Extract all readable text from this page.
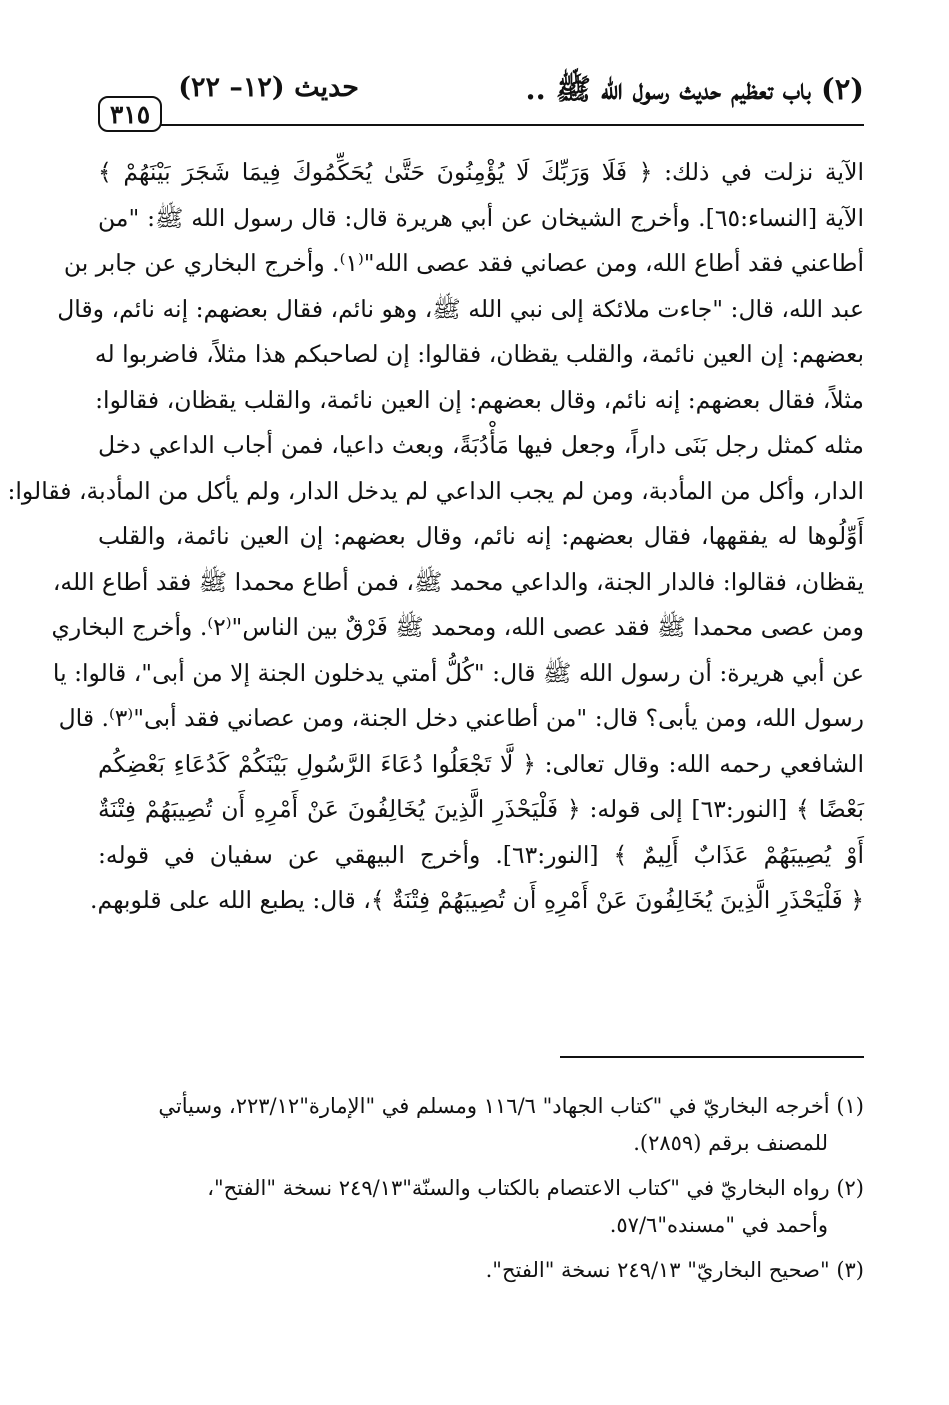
(٢) باب تعظيم حديث رسول الله ﷺ ..
حديث (١٢– ٢٢)
٣١٥
الآية نزلت في ذلك: ﴿ فَلَا وَرَبِّكَ لَا يُؤْمِنُونَ حَتَّىٰ يُحَكِّمُوكَ فِيمَا شَجَرَ بَيْنَهُمْ ﴾
الآية [النساء:٦٥]. وأخرج الشيخان عن أبي هريرة قال: قال رسول الله ﷺ: "من
أطاعني فقد أطاع الله، ومن عصاني فقد عصى الله"⁽١⁾. وأخرج البخاري عن جابر بن
عبد الله، قال: "جاءت ملائكة إلى نبي الله ﷺ، وهو نائم، فقال بعضهم: إنه نائم، وقال
بعضهم: إن العين نائمة، والقلب يقظان، فقالوا: إن لصاحبكم هذا مثلاً، فاضربوا له
مثلاً، فقال بعضهم: إنه نائم، وقال بعضهم: إن العين نائمة، والقلب يقظان، فقالوا:
مثله كمثل رجل بَنَى داراً، وجعل فيها مَأْدُبَةً، وبعث داعيا، فمن أجاب الداعي دخل
الدار، وأكل من المأدبة، ومن لم يجب الداعي لم يدخل الدار، ولم يأكل من المأدبة، فقالوا:
أَوِّلُوها له يفقهها، فقال بعضهم: إنه نائم، وقال بعضهم: إن العين نائمة، والقلب
يقظان، فقالوا: فالدار الجنة، والداعي محمد ﷺ، فمن أطاع محمدا ﷺ فقد أطاع الله،
ومن عصى محمدا ﷺ فقد عصى الله، ومحمد ﷺ فَرْقٌ بين الناس"⁽٢⁾. وأخرج البخاري
عن أبي هريرة: أن رسول الله ﷺ قال: "كُلُّ أمتي يدخلون الجنة إلا من أبى"، قالوا: يا
رسول الله، ومن يأبى؟ قال: "من أطاعني دخل الجنة، ومن عصاني فقد أبى"⁽٣⁾. قال
الشافعي رحمه الله: وقال تعالى: ﴿ لَّا تَجْعَلُوا دُعَاءَ الرَّسُولِ بَيْنَكُمْ كَدُعَاءِ بَعْضِكُم
بَعْضًا ﴾ [النور:٦٣] إلى قوله: ﴿ فَلْيَحْذَرِ الَّذِينَ يُخَالِفُونَ عَنْ أَمْرِهِ أَن تُصِيبَهُمْ فِتْنَةٌ
أَوْ يُصِيبَهُمْ عَذَابٌ أَلِيمٌ ﴾ [النور:٦٣]. وأخرج البيهقي عن سفيان في قوله:
﴿ فَلْيَحْذَرِ الَّذِينَ يُخَالِفُونَ عَنْ أَمْرِهِ أَن تُصِيبَهُمْ فِتْنَةٌ ﴾، قال: يطبع الله على قلوبهم.
(١) أخرجه البخاريّ في "كتاب الجهاد" ١١٦/٦ ومسلم في "الإمارة"٢٢٣/١٢، وسيأتي
للمصنف برقم (٢٨٥٩).
(٢) رواه البخاريّ في "كتاب الاعتصام بالكتاب والسنّة"٢٤٩/١٣ نسخة "الفتح"،
وأحمد في "مسنده"٥٧/٦.
(٣) "صحيح البخاريّ" ٢٤٩/١٣ نسخة "الفتح".
